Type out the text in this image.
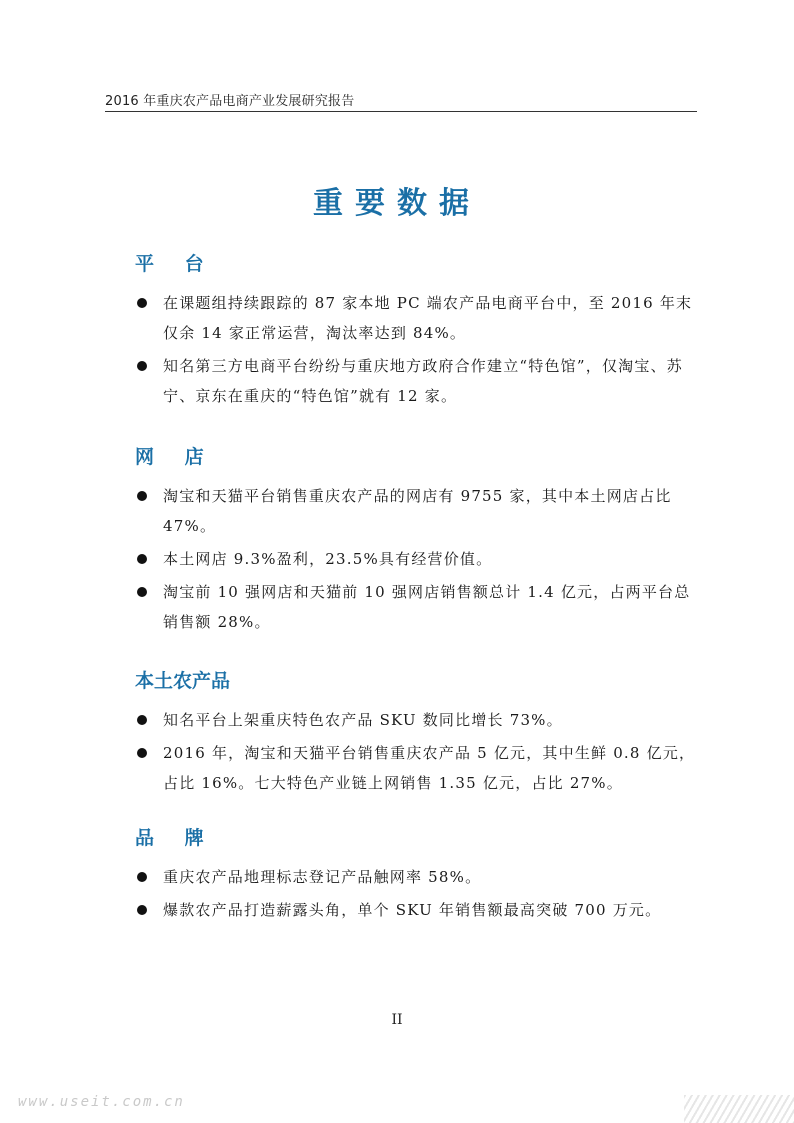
2016 年重庆农产品电商产业发展研究报告
重要数据
平 台
在课题组持续跟踪的 87 家本地 PC 端农产品电商平台中，至 2016 年末仅余 14 家正常运营，淘汰率达到 84%。
知名第三方电商平台纷纷与重庆地方政府合作建立“特色馆”，仅淘宝、苏宁、京东在重庆的“特色馆”就有 12 家。
网 店
淘宝和天猫平台销售重庆农产品的网店有 9755 家，其中本土网店占比 47%。
本土网店 9.3%盈利，23.5%具有经营价值。
淘宝前 10 强网店和天猫前 10 强网店销售额总计 1.4 亿元，占两平台总销售额 28%。
本土农产品
知名平台上架重庆特色农产品 SKU 数同比增长 73%。
2016 年，淘宝和天猫平台销售重庆农产品 5 亿元，其中生鲜 0.8 亿元，占比 16%。七大特色产业链上网销售 1.35 亿元，占比 27%。
品 牌
重庆农产品地理标志登记产品触网率 58%。
爆款农产品打造薪露头角，单个 SKU 年销售额最高突破 700 万元。
II
www.useit.com.cn
